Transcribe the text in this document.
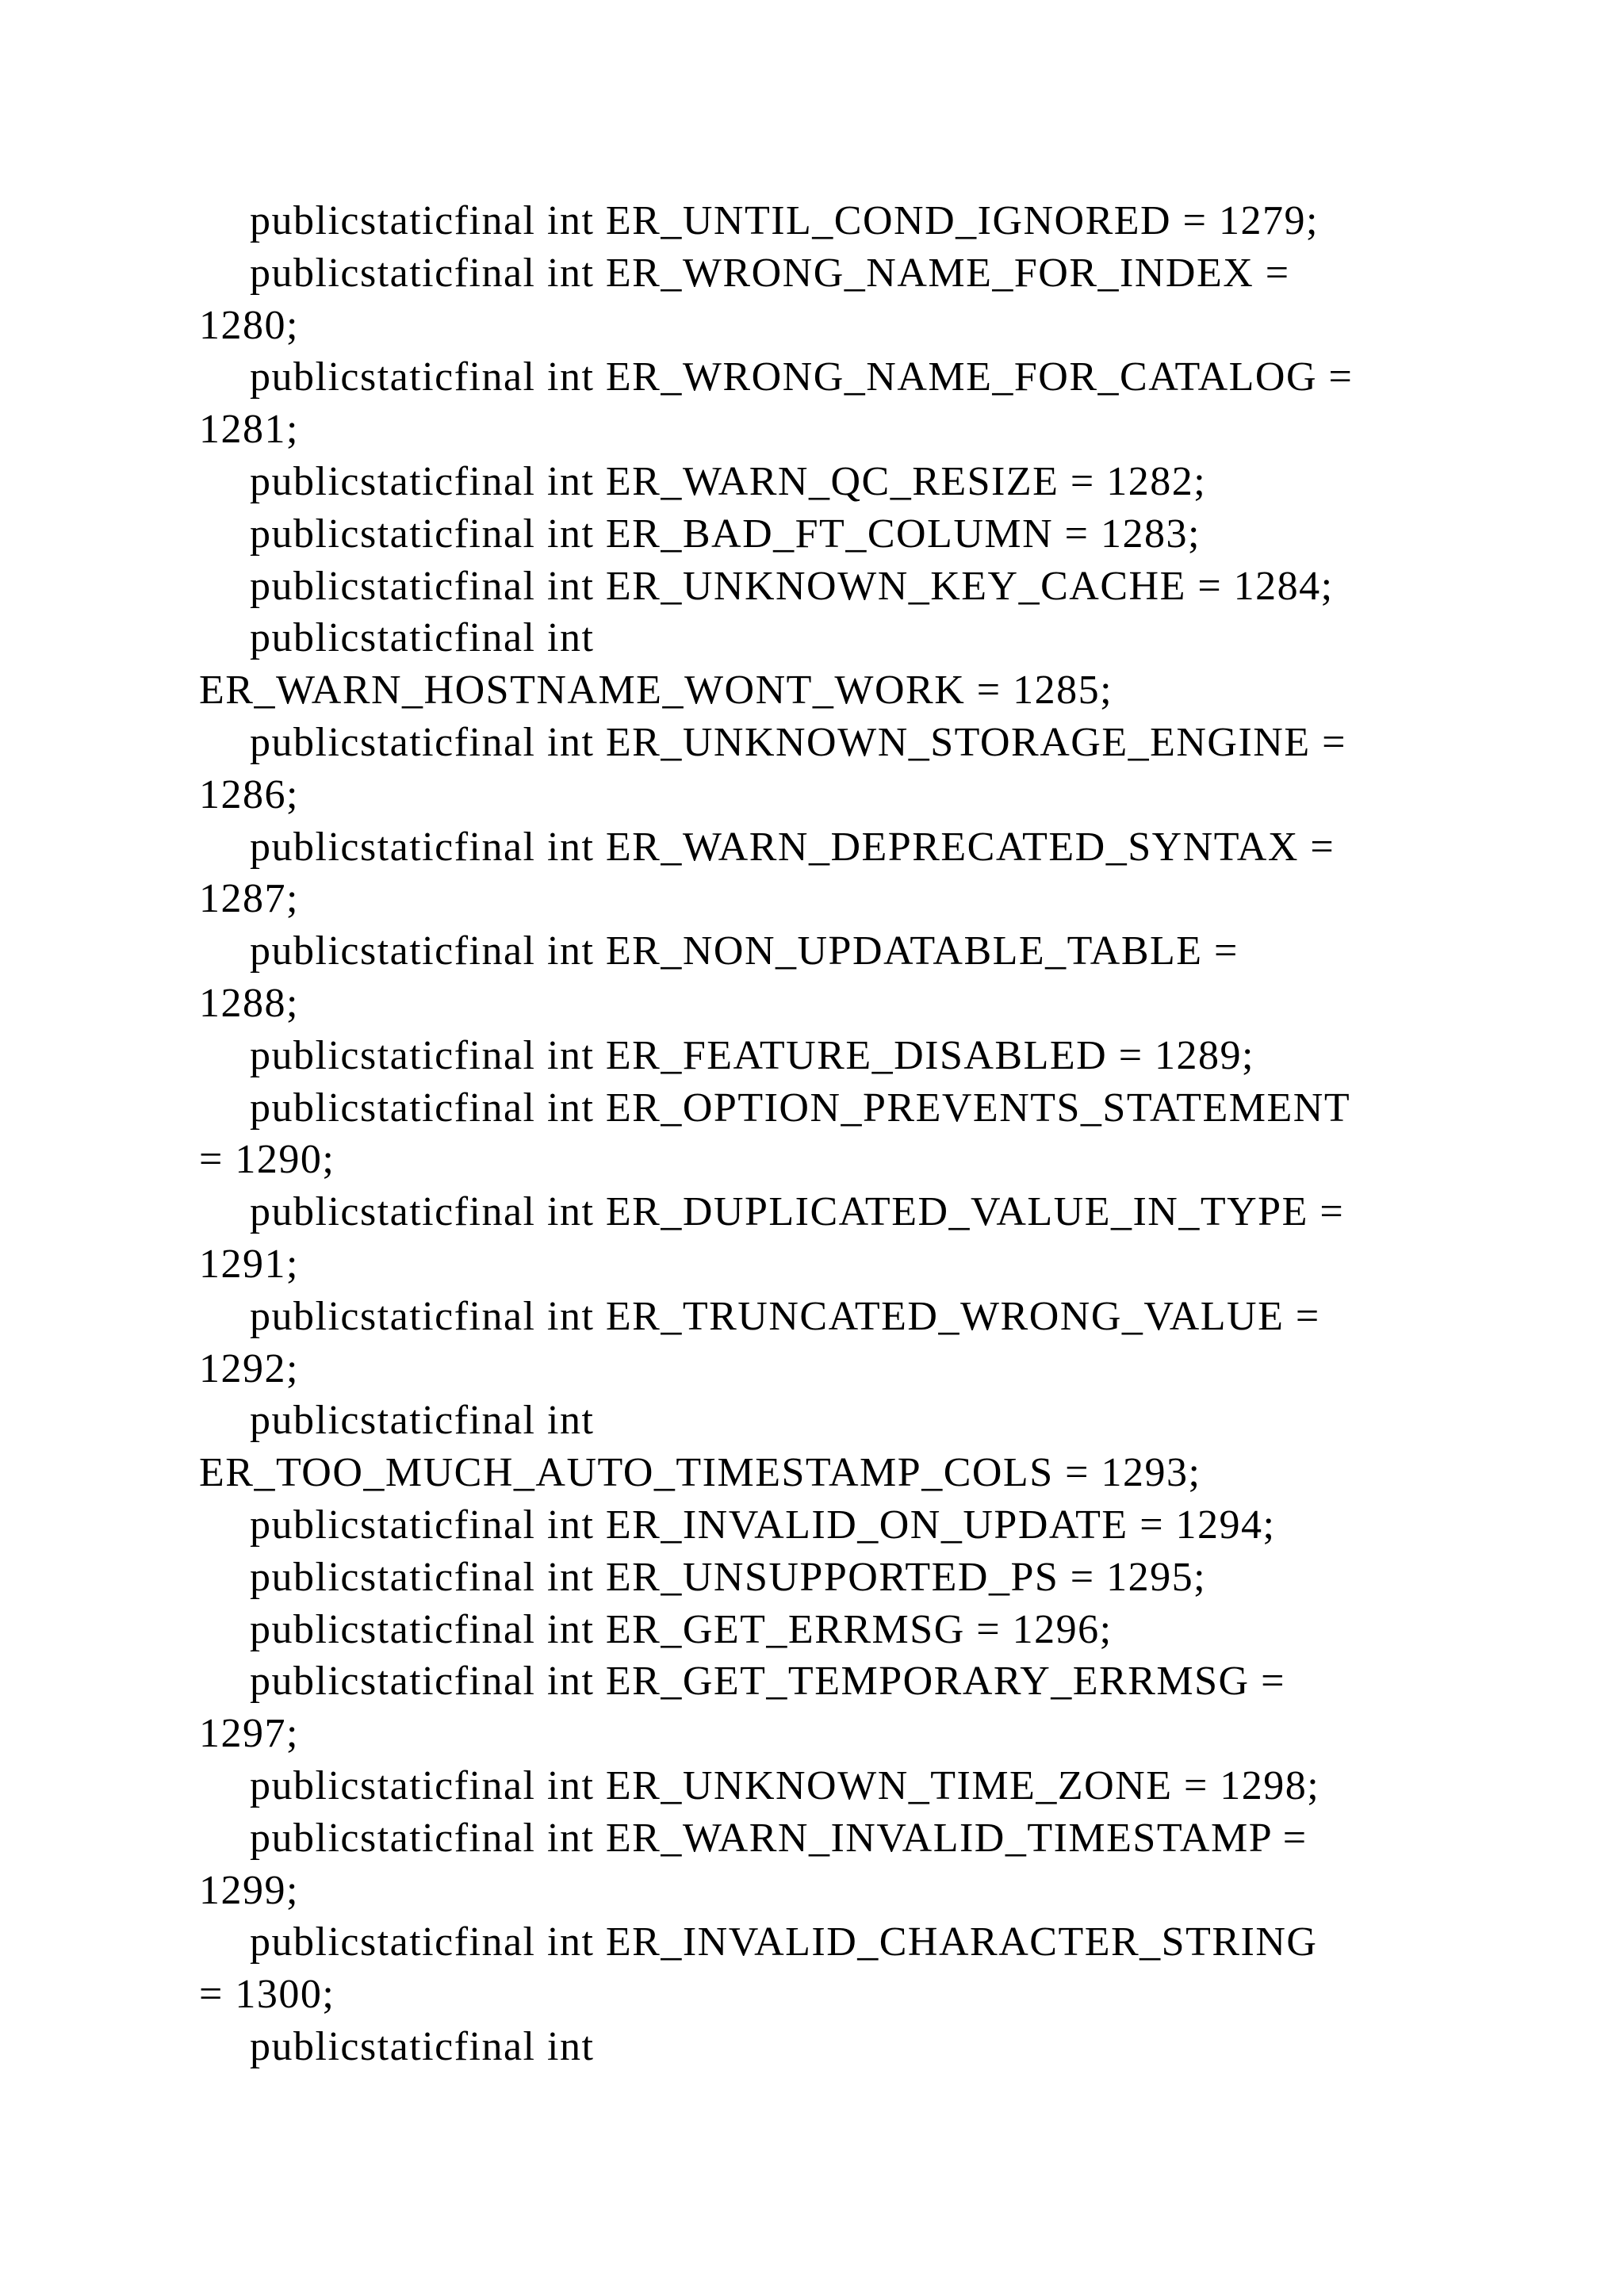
publicstaticfinal int ER_UNTIL_COND_IGNORED = 1279;
publicstaticfinal int ER_WRONG_NAME_FOR_INDEX =
1280;
publicstaticfinal int ER_WRONG_NAME_FOR_CATALOG =
1281;
publicstaticfinal int ER_WARN_QC_RESIZE = 1282;
publicstaticfinal int ER_BAD_FT_COLUMN = 1283;
publicstaticfinal int ER_UNKNOWN_KEY_CACHE = 1284;
publicstaticfinal int
ER_WARN_HOSTNAME_WONT_WORK = 1285;
publicstaticfinal int ER_UNKNOWN_STORAGE_ENGINE =
1286;
publicstaticfinal int ER_WARN_DEPRECATED_SYNTAX =
1287;
publicstaticfinal int ER_NON_UPDATABLE_TABLE =
1288;
publicstaticfinal int ER_FEATURE_DISABLED = 1289;
publicstaticfinal int ER_OPTION_PREVENTS_STATEMENT
= 1290;
publicstaticfinal int ER_DUPLICATED_VALUE_IN_TYPE =
1291;
publicstaticfinal int ER_TRUNCATED_WRONG_VALUE =
1292;
publicstaticfinal int
ER_TOO_MUCH_AUTO_TIMESTAMP_COLS = 1293;
publicstaticfinal int ER_INVALID_ON_UPDATE = 1294;
publicstaticfinal int ER_UNSUPPORTED_PS = 1295;
publicstaticfinal int ER_GET_ERRMSG = 1296;
publicstaticfinal int ER_GET_TEMPORARY_ERRMSG =
1297;
publicstaticfinal int ER_UNKNOWN_TIME_ZONE = 1298;
publicstaticfinal int ER_WARN_INVALID_TIMESTAMP =
1299;
publicstaticfinal int ER_INVALID_CHARACTER_STRING
= 1300;
publicstaticfinal int
